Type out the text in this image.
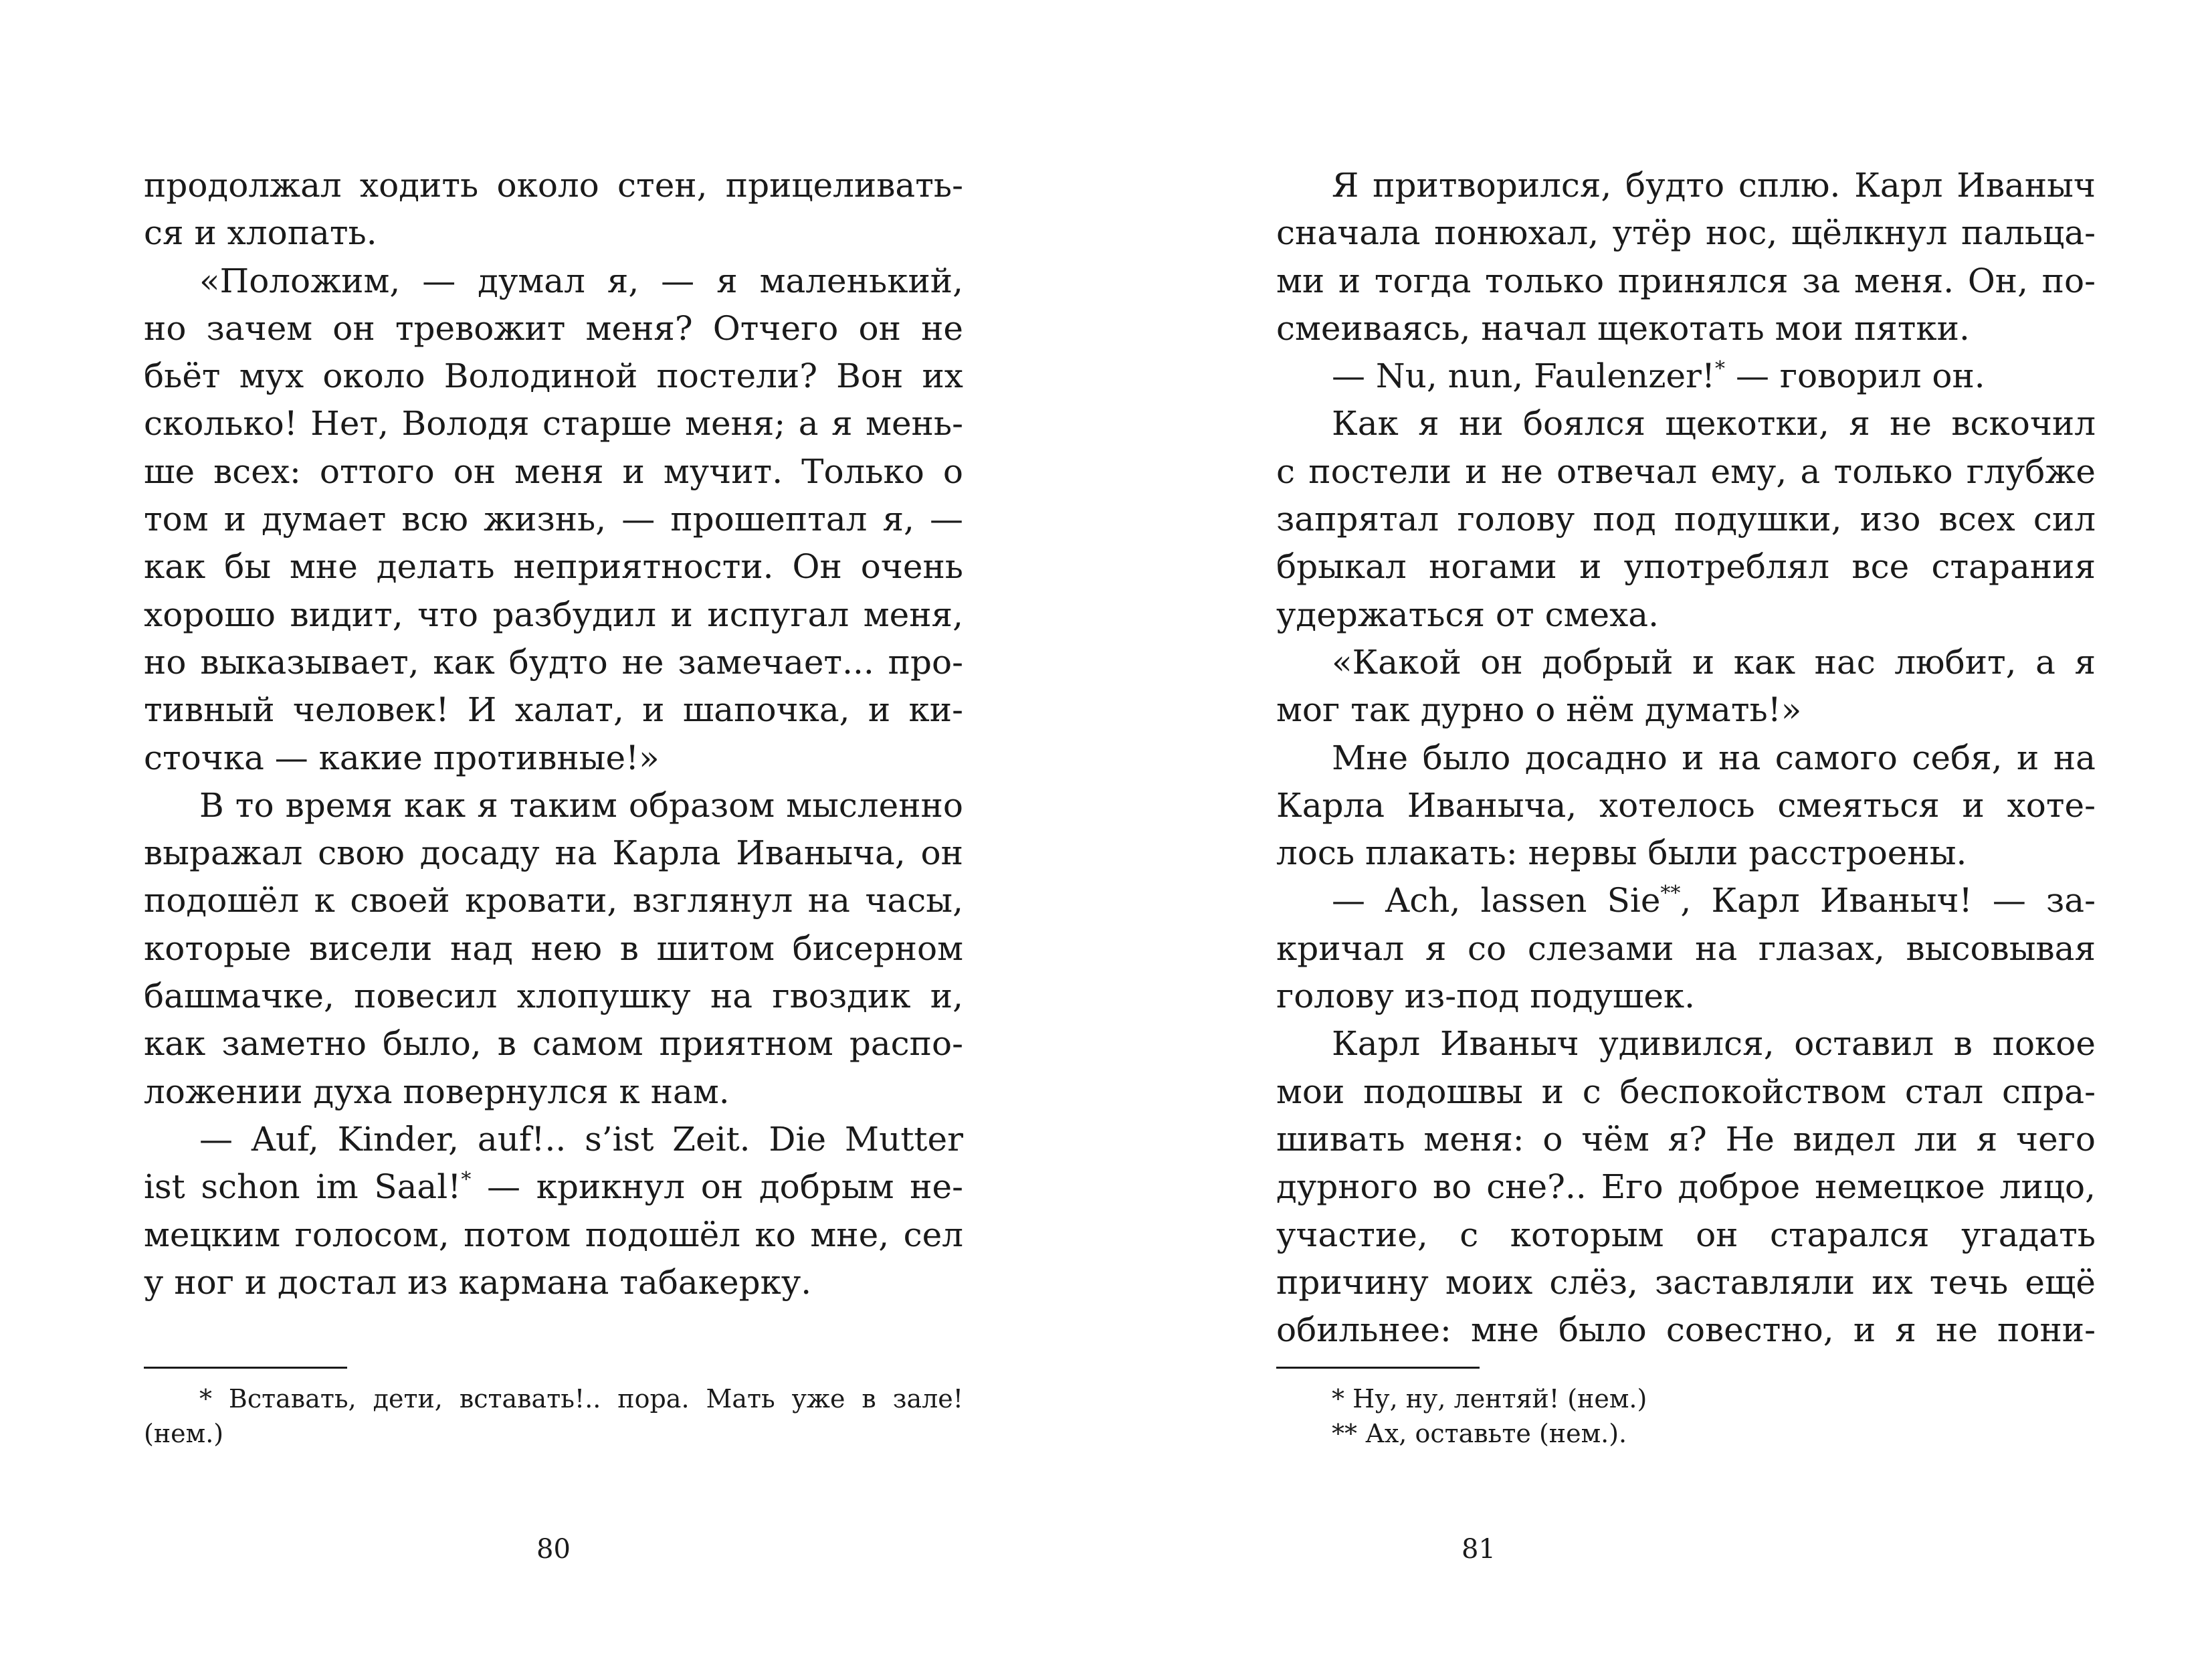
продолжал ходить около стен, прицеливать-
ся и хлопать.
«Положим, — думал я, — я маленький,
но зачем он тревожит меня? Отчего он не
бьёт мух около Володиной постели? Вон их
сколько! Нет, Володя старше меня; а я мень-
ше всех: оттого он меня и мучит. Только о
том и думает всю жизнь, — прошептал я, —
как бы мне делать неприятности. Он очень
хорошо видит, что разбудил и испугал меня,
но выказывает, как будто не замечает... про-
тивный человек! И халат, и шапочка, и ки-
сточка — какие противные!»
В то время как я таким образом мысленно
выражал свою досаду на Карла Иваныча, он
подошёл к своей кровати, взглянул на часы,
которые висели над нею в шитом бисерном
башмачке, повесил хлопушку на гвоздик и,
как заметно было, в самом приятном распо-
ложении духа повернулся к нам.
— Auf, Kinder, auf!.. s’ist Zeit. Die Mutter
ist schon im Saal!* — крикнул он добрым не-
мецким голосом, потом подошёл ко мне, сел
у ног и достал из кармана табакерку.
* Вставать, дети, вставать!.. пора. Мать уже в зале!
(нем.)
80
Я притворился, будто сплю. Карл Иваныч
сначала понюхал, утёр нос, щёлкнул пальца-
ми и тогда только принялся за меня. Он, по-
смеиваясь, начал щекотать мои пятки.
— Nu, nun, Faulenzer!* — говорил он.
Как я ни боялся щекотки, я не вскочил
с постели и не отвечал ему, а только глубже
запрятал голову под подушки, изо всех сил
брыкал ногами и употреблял все старания
удержаться от смеха.
«Какой он добрый и как нас любит, а я
мог так дурно о нём думать!»
Мне было досадно и на самого себя, и на
Карла Иваныча, хотелось смеяться и хоте-
лось плакать: нервы были расстроены.
— Ach, lassen Sie**, Карл Иваныч! — за-
кричал я со слезами на глазах, высовывая
голову из-под подушек.
Карл Иваныч удивился, оставил в покое
мои подошвы и с беспокойством стал спра-
шивать меня: о чём я? Не видел ли я чего
дурного во сне?.. Его доброе немецкое лицо,
участие, с которым он старался угадать
причину моих слёз, заставляли их течь ещё
обильнее: мне было совестно, и я не пони-
* Ну, ну, лентяй! (нем.)
** Ах, оставьте (нем.).
81
